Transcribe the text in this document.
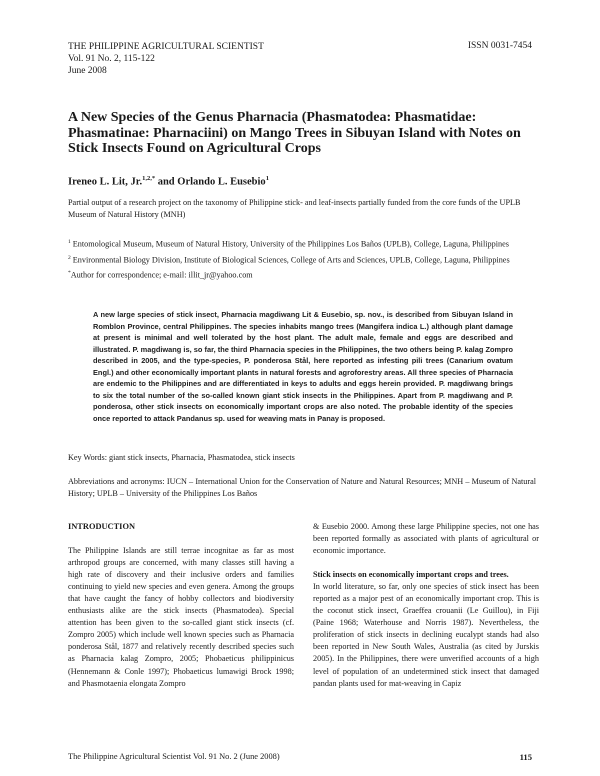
THE PHILIPPINE AGRICULTURAL SCIENTIST
Vol. 91 No. 2, 115-122
June 2008
ISSN 0031-7454
A New Species of the Genus Pharnacia (Phasmatodea: Phasmatidae: Phasmatinae: Pharnaciini) on Mango Trees in Sibuyan Island with Notes on Stick Insects Found on Agricultural Crops
Ireneo L. Lit, Jr.$^{1,2,*}$ and Orlando L. Eusebio$^1$
Partial output of a research project on the taxonomy of Philippine stick- and leaf-insects partially funded from the core funds of the UPLB Museum of Natural History (MNH)

$^1$ Entomological Museum, Museum of Natural History, University of the Philippines Los Baños (UPLB), College, Laguna, Philippines

$^2$ Environmental Biology Division, Institute of Biological Sciences, College of Arts and Sciences, UPLB, College, Laguna, Philippines

*Author for correspondence; e-mail: illit_jr@yahoo.com

A new large species of stick insect, Pharnacia magdiwang Lit & Eusebio, sp. nov., is described from Sibuyan Island in Romblon Province, central Philippines. The species inhabits mango trees (Mangifera indica L.) although plant damage at present is minimal and well tolerated by the host plant. The adult male, female and eggs are described and illustrated. P. magdiwang is, so far, the third Pharnacia species in the Philippines, the two others being P. kalag Zompro described in 2005, and the type-species, P. ponderosa Stål, here reported as infesting pili trees (Canarium ovatum Engl.) and other economically important plants in natural forests and agroforestry areas. All three species of Pharnacia are endemic to the Philippines and are differentiated in keys to adults and eggs herein provided. P. magdiwang brings to six the total number of the so-called known giant stick insects in the Philippines. Apart from P. magdiwang and P. ponderosa, other stick insects on economically important crops are also noted. The probable identity of the species once reported to attack Pandanus sp. used for weaving mats in Panay is proposed.
Key Words: giant stick insects, Pharnacia, Phasmatodea, stick insects
Abbreviations and acronyms: IUCN – International Union for the Conservation of Nature and Natural Resources; MNH – Museum of Natural History; UPLB – University of the Philippines Los Baños

INTRODUCTION

The Philippine Islands are still terrae incognitae as far as most arthropod groups are concerned, with many classes still having a high rate of discovery and their inclusive orders and families continuing to yield new species and even genera. Among the groups that have caught the fancy of hobby collectors and biodiversity enthusiasts alike are the stick insects (Phasmatodea). Special attention has been given to the so-called giant stick insects (cf. Zompro 2005) which include well known species such as Pharnacia ponderosa Stål, 1877 and relatively recently described species such as Pharnacia kalag Zompro, 2005; Phobaeticus philippinicus (Hennemann & Conle 1997); Phobaeticus lumawigi Brock 1998; and Phasmotaenia elongata Zompro

& Eusebio 2000. Among these large Philippine species, not one has been reported formally as associated with plants of agricultural or economic importance.

Stick insects on economically important crops and trees.

In world literature, so far, only one species of stick insect has been reported as a major pest of an economically important crop. This is the coconut stick insect, Graeffea crouanii (Le Guillou), in Fiji (Paine 1968; Waterhouse and Norris 1987). Nevertheless, the proliferation of stick insects in declining eucalypt stands had also been reported in New South Wales, Australia (as cited by Jurskis 2005). In the Philippines, there were unverified accounts of a high level of population of an undetermined stick insect that damaged pandan plants used for mat-weaving in Capiz

The Philippine Agricultural Scientist Vol. 91 No. 2 (June 2008)	115
